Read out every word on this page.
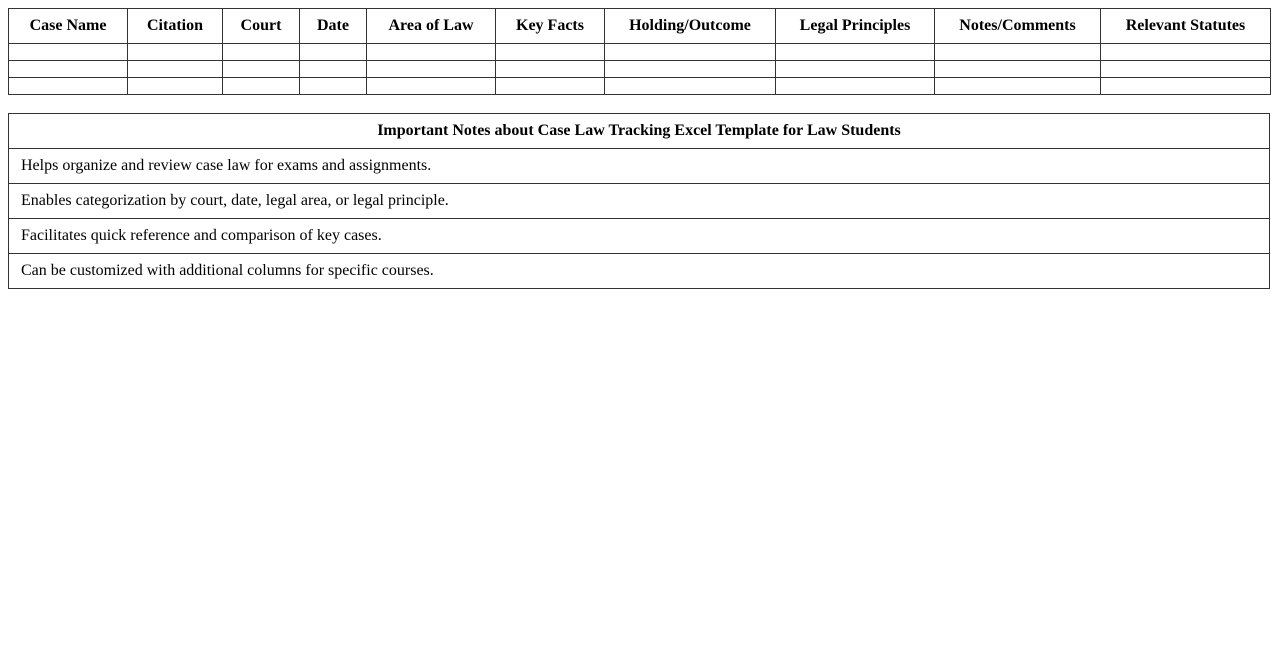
Case Name	Citation	Court	Date	Area of Law	Key Facts	Holding/Outcome	Legal Principles	Notes/Comments	Relevant Statutes

Important Notes about Case Law Tracking Excel Template for Law Students
Helps organize and review case law for exams and assignments.
Enables categorization by court, date, legal area, or legal principle.
Facilitates quick reference and comparison of key cases.
Can be customized with additional columns for specific courses.
